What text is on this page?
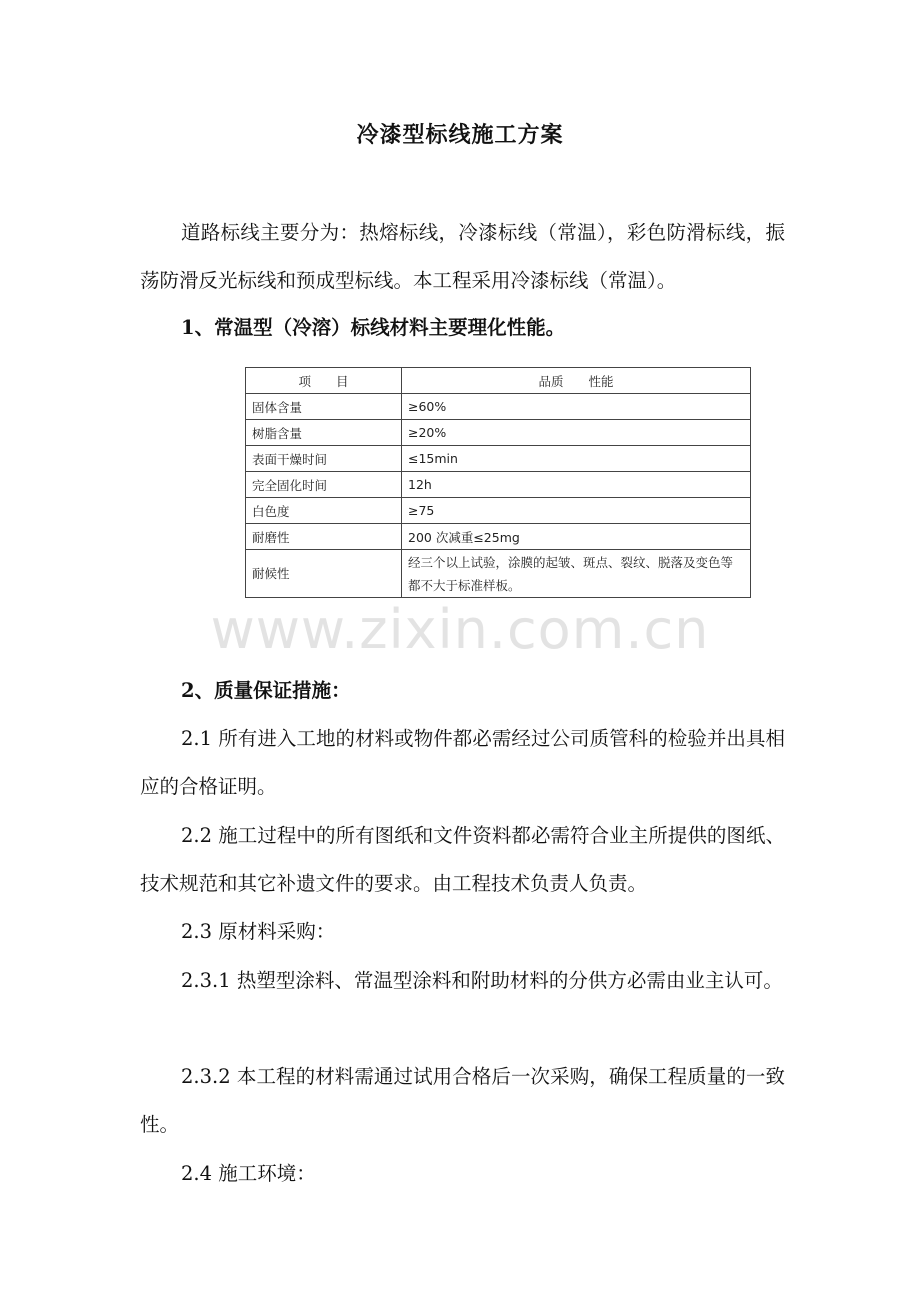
冷漆型标线施工方案

道路标线主要分为：热熔标线，冷漆标线（常温），彩色防滑标线，振荡防滑反光标线和预成型标线。本工程采用冷漆标线（常温）。

1、常温型（冷溶）标线材料主要理化性能。

项　　目	品质　　性能
固体含量	≥60%
树脂含量	≥20%
表面干燥时间	≤15min
完全固化时间	12h
白色度	≥75
耐磨性	200 次减重≤25mg
耐候性	经三个以上试验，涂膜的起皱、斑点、裂纹、脱落及变色等都不大于标准样板。
www.zixin.com.cn

2、质量保证措施：

2.1 所有进入工地的材料或物件都必需经过公司质管科的检验并出具相应的合格证明。

2.2 施工过程中的所有图纸和文件资料都必需符合业主所提供的图纸、技术规范和其它补遗文件的要求。由工程技术负责人负责。

2.3 原材料采购：

2.3.1 热塑型涂料、常温型涂料和附助材料的分供方必需由业主认可。

2.3.2 本工程的材料需通过试用合格后一次采购，确保工程质量的一致性。

2.4 施工环境：
